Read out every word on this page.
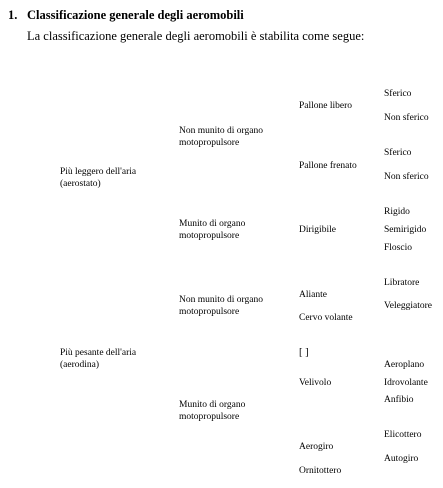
1. Classificazione generale degli aeromobili
La classificazione generale degli aeromobili è stabilita come segue:
Più leggero dell'aria (aerostato)
Più pesante dell'aria (aerodina)
Non munito di organo motopropulsore
Munito di organo motopropulsore
Non munito di organo motopropulsore
Munito di organo motopropulsore
Pallone libero
Pallone frenato
Dirigibile
Aliante
Cervo volante
[ ]
Velivolo
Aerogiro
Ornitottero
Sferico
Non sferico
Sferico
Non sferico
Rigido
Semirigido
Floscio
Libratore
Veleggiatore
Aeroplano
Idrovolante
Anfibio
Elicottero
Autogiro
